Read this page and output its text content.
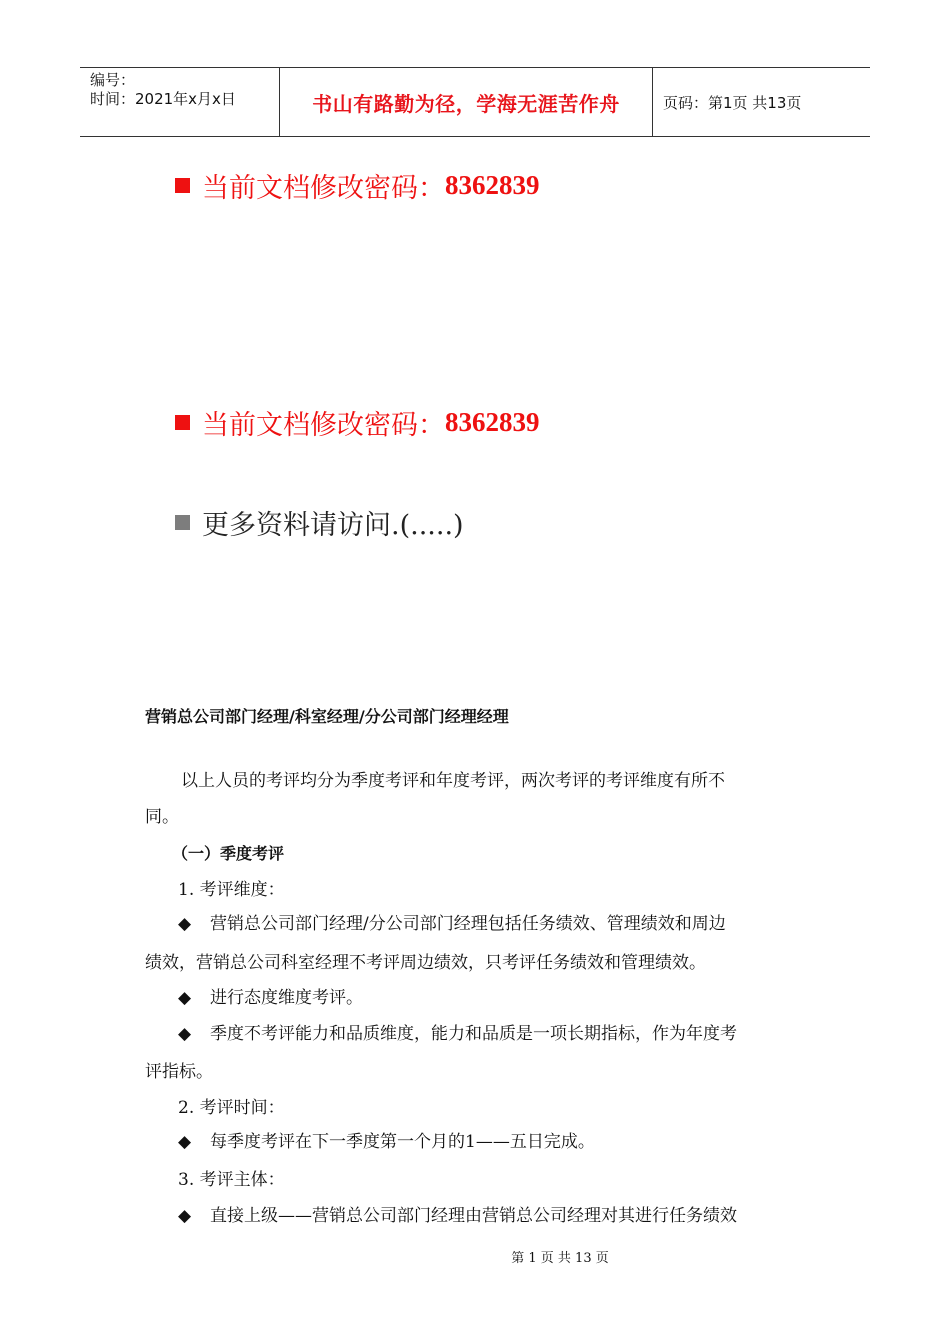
编号：
时间：2021年x月x日	书山有路勤为径，学海无涯苦作舟	页码：第1页 共13页
当前文档修改密码： 8362839
当前文档修改密码： 8362839
更多资料请访问.(.....)
营销总公司部门经理/科室经理/分公司部门经理经理
以上人员的考评均分为季度考评和年度考评，两次考评的考评维度有所不
同。
（一）季度考评
1. 考评维度：
◆ 营销总公司部门经理/分公司部门经理包括任务绩效、管理绩效和周边
绩效，营销总公司科室经理不考评周边绩效，只考评任务绩效和管理绩效。
◆ 进行态度维度考评。
◆ 季度不考评能力和品质维度，能力和品质是一项长期指标，作为年度考
评指标。
2. 考评时间：
◆ 每季度考评在下一季度第一个月的1——五日完成。
3. 考评主体：
◆ 直接上级——营销总公司部门经理由营销总公司经理对其进行任务绩效
第 1 页 共 13 页
